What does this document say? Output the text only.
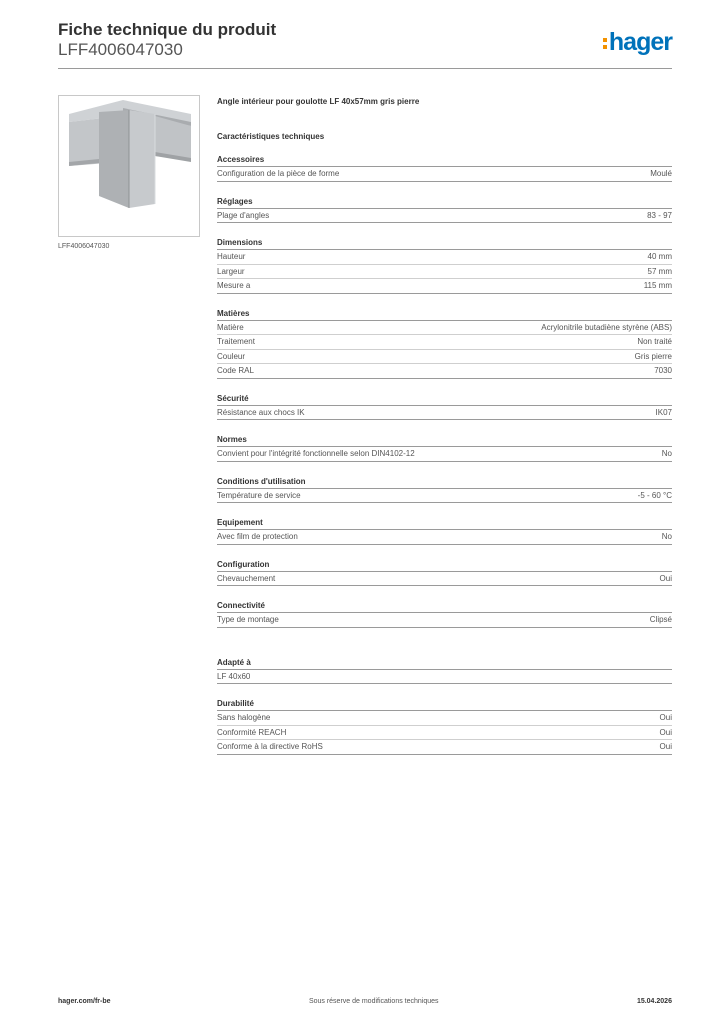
Fiche technique du produit
LFF4006047030	hager
LFF4006047030
Angle intérieur pour goulotte LF 40x57mm gris pierre
Caractéristiques techniques
Accessoires
Configuration de la pièce de forme	Moulé
Réglages
Plage d'angles	83 - 97
Dimensions
Hauteur	40 mm
Largeur	57 mm
Mesure a	115 mm
Matières
Matière	Acrylonitrile butadiène styrène (ABS)
Traitement	Non traité
Couleur	Gris pierre
Code RAL	7030
Sécurité
Résistance aux chocs IK	IK07
Normes
Convient pour l'intégrité fonctionnelle selon DIN4102-12	No
Conditions d'utilisation
Température de service	-5 - 60 °C
Equipement
Avec film de protection	No
Configuration
Chevauchement	Oui
Connectivité
Type de montage	Clipsé
Adapté à
LF 40x60
Durabilité
Sans halogène	Oui
Conformité REACH	Oui
Conforme à la directive RoHS	Oui
hager.com/fr-be	Sous réserve de modifications techniques	15.04.2026
